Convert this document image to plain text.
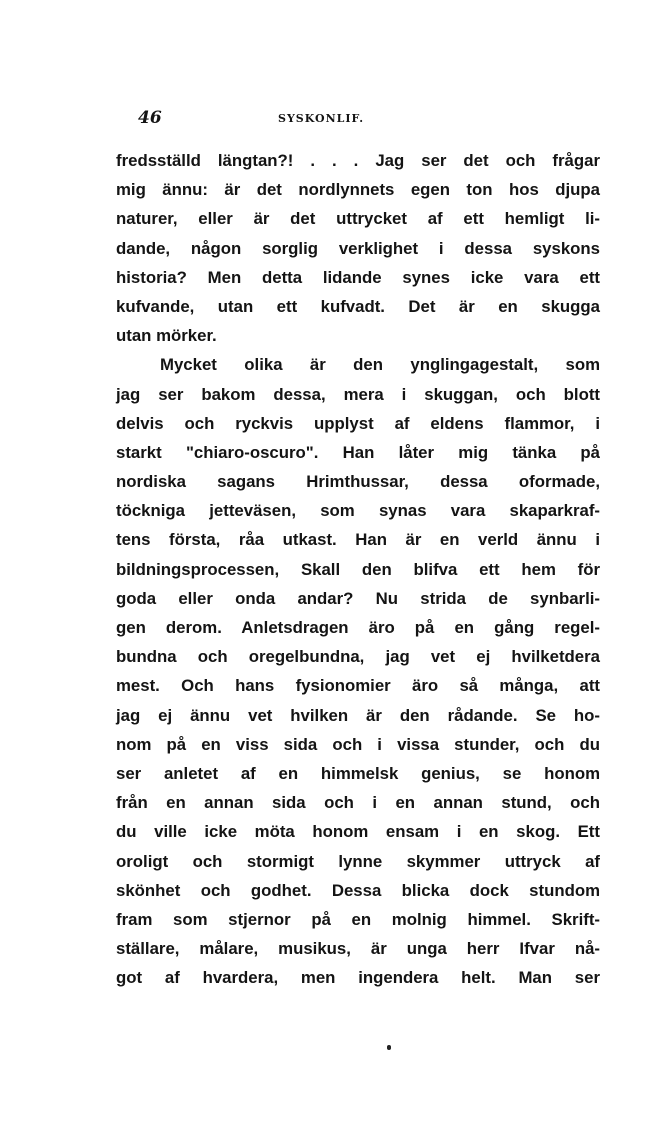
46	SYSKONLIF.
fredsställd längtan?! . . . Jag ser det och frågar
mig ännu: är det nordlynnets egen ton hos djupa
naturer, eller är det uttrycket af ett hemligt li-
dande, någon sorglig verklighet i dessa syskons
historia? Men detta lidande synes icke vara ett
kufvande, utan ett kufvadt. Det är en skugga
utan mörker.
Mycket olika är den ynglingagestalt, som
jag ser bakom dessa, mera i skuggan, och blott
delvis och ryckvis upplyst af eldens flammor, i
starkt "chiaro-oscuro". Han låter mig tänka på
nordiska sagans Hrimthussar, dessa oformade,
töckniga jetteväsen, som synas vara skaparkraf-
tens första, råa utkast. Han är en verld ännu i
bildningsprocessen, Skall den blifva ett hem för
goda eller onda andar? Nu strida de synbarli-
gen derom. Anletsdragen äro på en gång regel-
bundna och oregelbundna, jag vet ej hvilketdera
mest. Och hans fysionomier äro så många, att
jag ej ännu vet hvilken är den rådande. Se ho-
nom på en viss sida och i vissa stunder, och du
ser anletet af en himmelsk genius, se honom
från en annan sida och i en annan stund, och
du ville icke möta honom ensam i en skog. Ett
oroligt och stormigt lynne skymmer uttryck af
skönhet och godhet. Dessa blicka dock stundom
fram som stjernor på en molnig himmel. Skrift-
ställare, målare, musikus, är unga herr Ifvar nå-
got af hvardera, men ingendera helt. Man ser
